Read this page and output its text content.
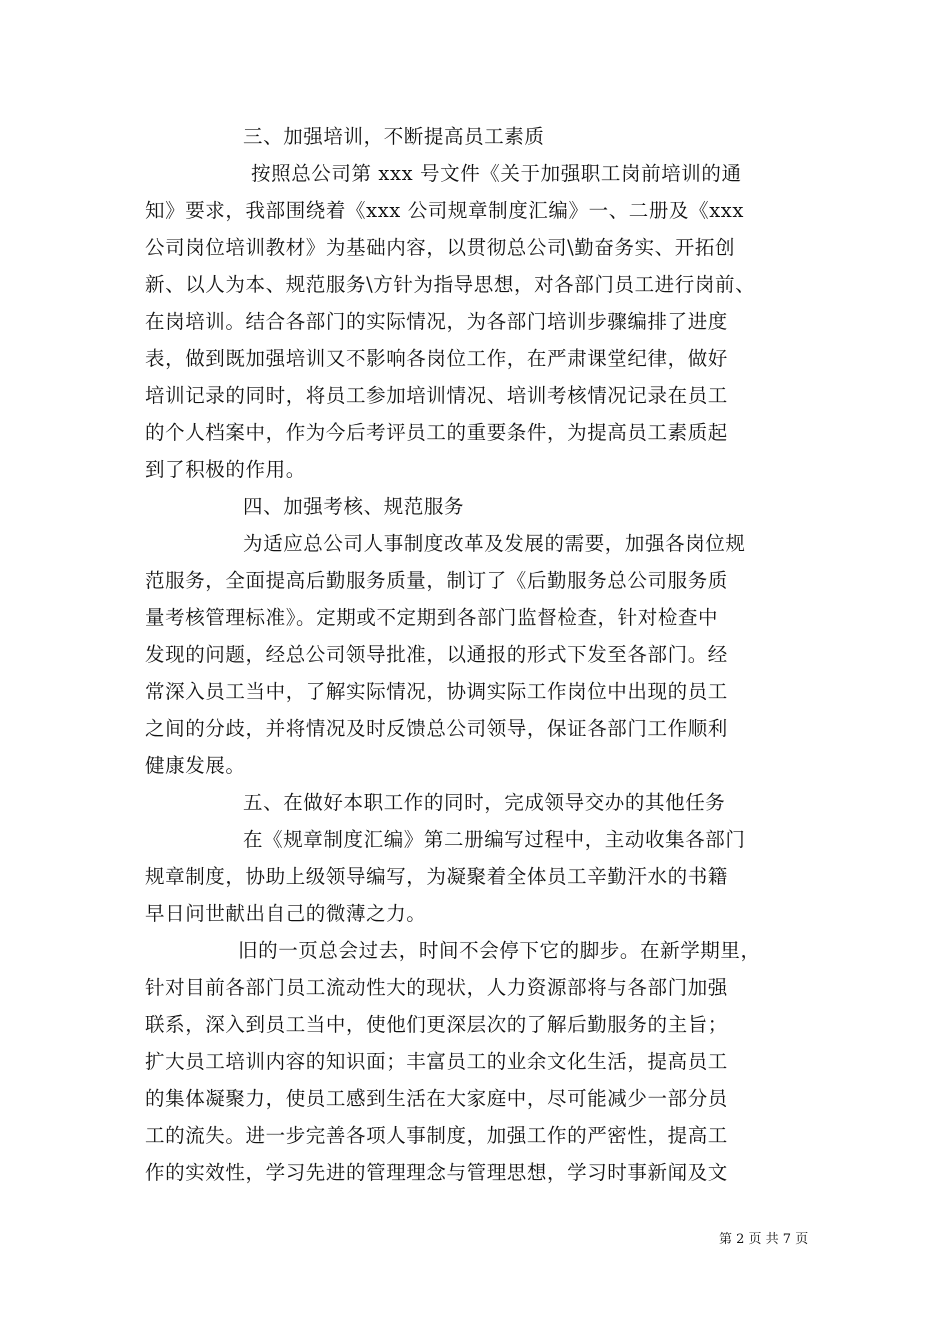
三、加强培训，不断提高员工素质
按照总公司第 xxx 号文件《关于加强职工岗前培训的通
知》要求，我部围绕着《xxx 公司规章制度汇编》一、二册及《xxx
公司岗位培训教材》为基础内容，以贯彻总公司\勤奋务实、开拓创
新、以人为本、规范服务\方针为指导思想，对各部门员工进行岗前、
在岗培训。结合各部门的实际情况，为各部门培训步骤编排了进度
表，做到既加强培训又不影响各岗位工作，在严肃课堂纪律，做好
培训记录的同时，将员工参加培训情况、培训考核情况记录在员工
的个人档案中，作为今后考评员工的重要条件，为提高员工素质起
到了积极的作用。
四、加强考核、规范服务
为适应总公司人事制度改革及发展的需要，加强各岗位规
范服务，全面提高后勤服务质量，制订了《后勤服务总公司服务质
量考核管理标准》。定期或不定期到各部门监督检查，针对检查中
发现的问题，经总公司领导批准，以通报的形式下发至各部门。经
常深入员工当中，了解实际情况，协调实际工作岗位中出现的员工
之间的分歧，并将情况及时反馈总公司领导，保证各部门工作顺利
健康发展。
五、在做好本职工作的同时，完成领导交办的其他任务
在《规章制度汇编》第二册编写过程中，主动收集各部门
规章制度，协助上级领导编写，为凝聚着全体员工辛勤汗水的书籍
早日问世献出自己的微薄之力。
旧的一页总会过去，时间不会停下它的脚步。在新学期里，
针对目前各部门员工流动性大的现状，人力资源部将与各部门加强
联系，深入到员工当中，使他们更深层次的了解后勤服务的主旨；
扩大员工培训内容的知识面；丰富员工的业余文化生活，提高员工
的集体凝聚力，使员工感到生活在大家庭中，尽可能减少一部分员
工的流失。进一步完善各项人事制度，加强工作的严密性，提高工
作的实效性，学习先进的管理理念与管理思想，学习时事新闻及文
第 2 页 共 7 页
